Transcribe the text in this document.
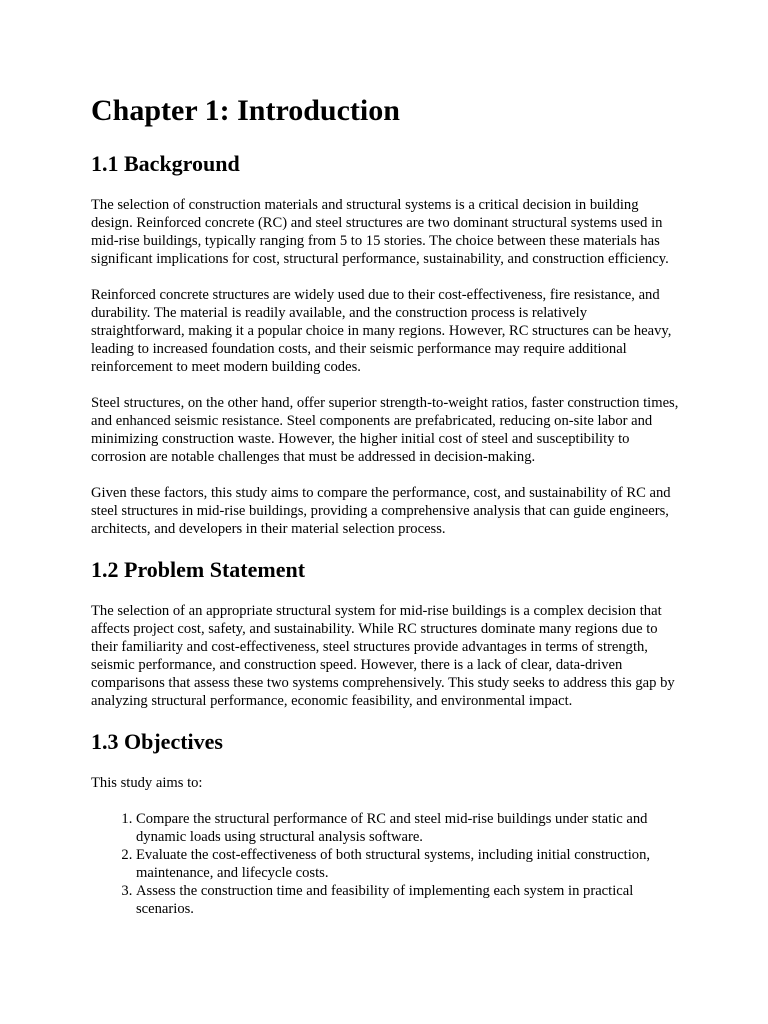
Chapter 1: Introduction
1.1 Background

The selection of construction materials and structural systems is a critical decision in building design. Reinforced concrete (RC) and steel structures are two dominant structural systems used in mid-rise buildings, typically ranging from 5 to 15 stories. The choice between these materials has significant implications for cost, structural performance, sustainability, and construction efficiency.

Reinforced concrete structures are widely used due to their cost-effectiveness, fire resistance, and durability. The material is readily available, and the construction process is relatively straightforward, making it a popular choice in many regions. However, RC structures can be heavy, leading to increased foundation costs, and their seismic performance may require additional reinforcement to meet modern building codes.

Steel structures, on the other hand, offer superior strength-to-weight ratios, faster construction times, and enhanced seismic resistance. Steel components are prefabricated, reducing on-site labor and minimizing construction waste. However, the higher initial cost of steel and susceptibility to corrosion are notable challenges that must be addressed in decision-making.

Given these factors, this study aims to compare the performance, cost, and sustainability of RC and steel structures in mid-rise buildings, providing a comprehensive analysis that can guide engineers, architects, and developers in their material selection process.

1.2 Problem Statement

The selection of an appropriate structural system for mid-rise buildings is a complex decision that affects project cost, safety, and sustainability. While RC structures dominate many regions due to their familiarity and cost-effectiveness, steel structures provide advantages in terms of strength, seismic performance, and construction speed. However, there is a lack of clear, data-driven comparisons that assess these two systems comprehensively. This study seeks to address this gap by analyzing structural performance, economic feasibility, and environmental impact.

1.3 Objectives

This study aims to:

1. Compare the structural performance of RC and steel mid-rise buildings under static and dynamic loads using structural analysis software.
2. Evaluate the cost-effectiveness of both structural systems, including initial construction, maintenance, and lifecycle costs.
3. Assess the construction time and feasibility of implementing each system in practical scenarios.
